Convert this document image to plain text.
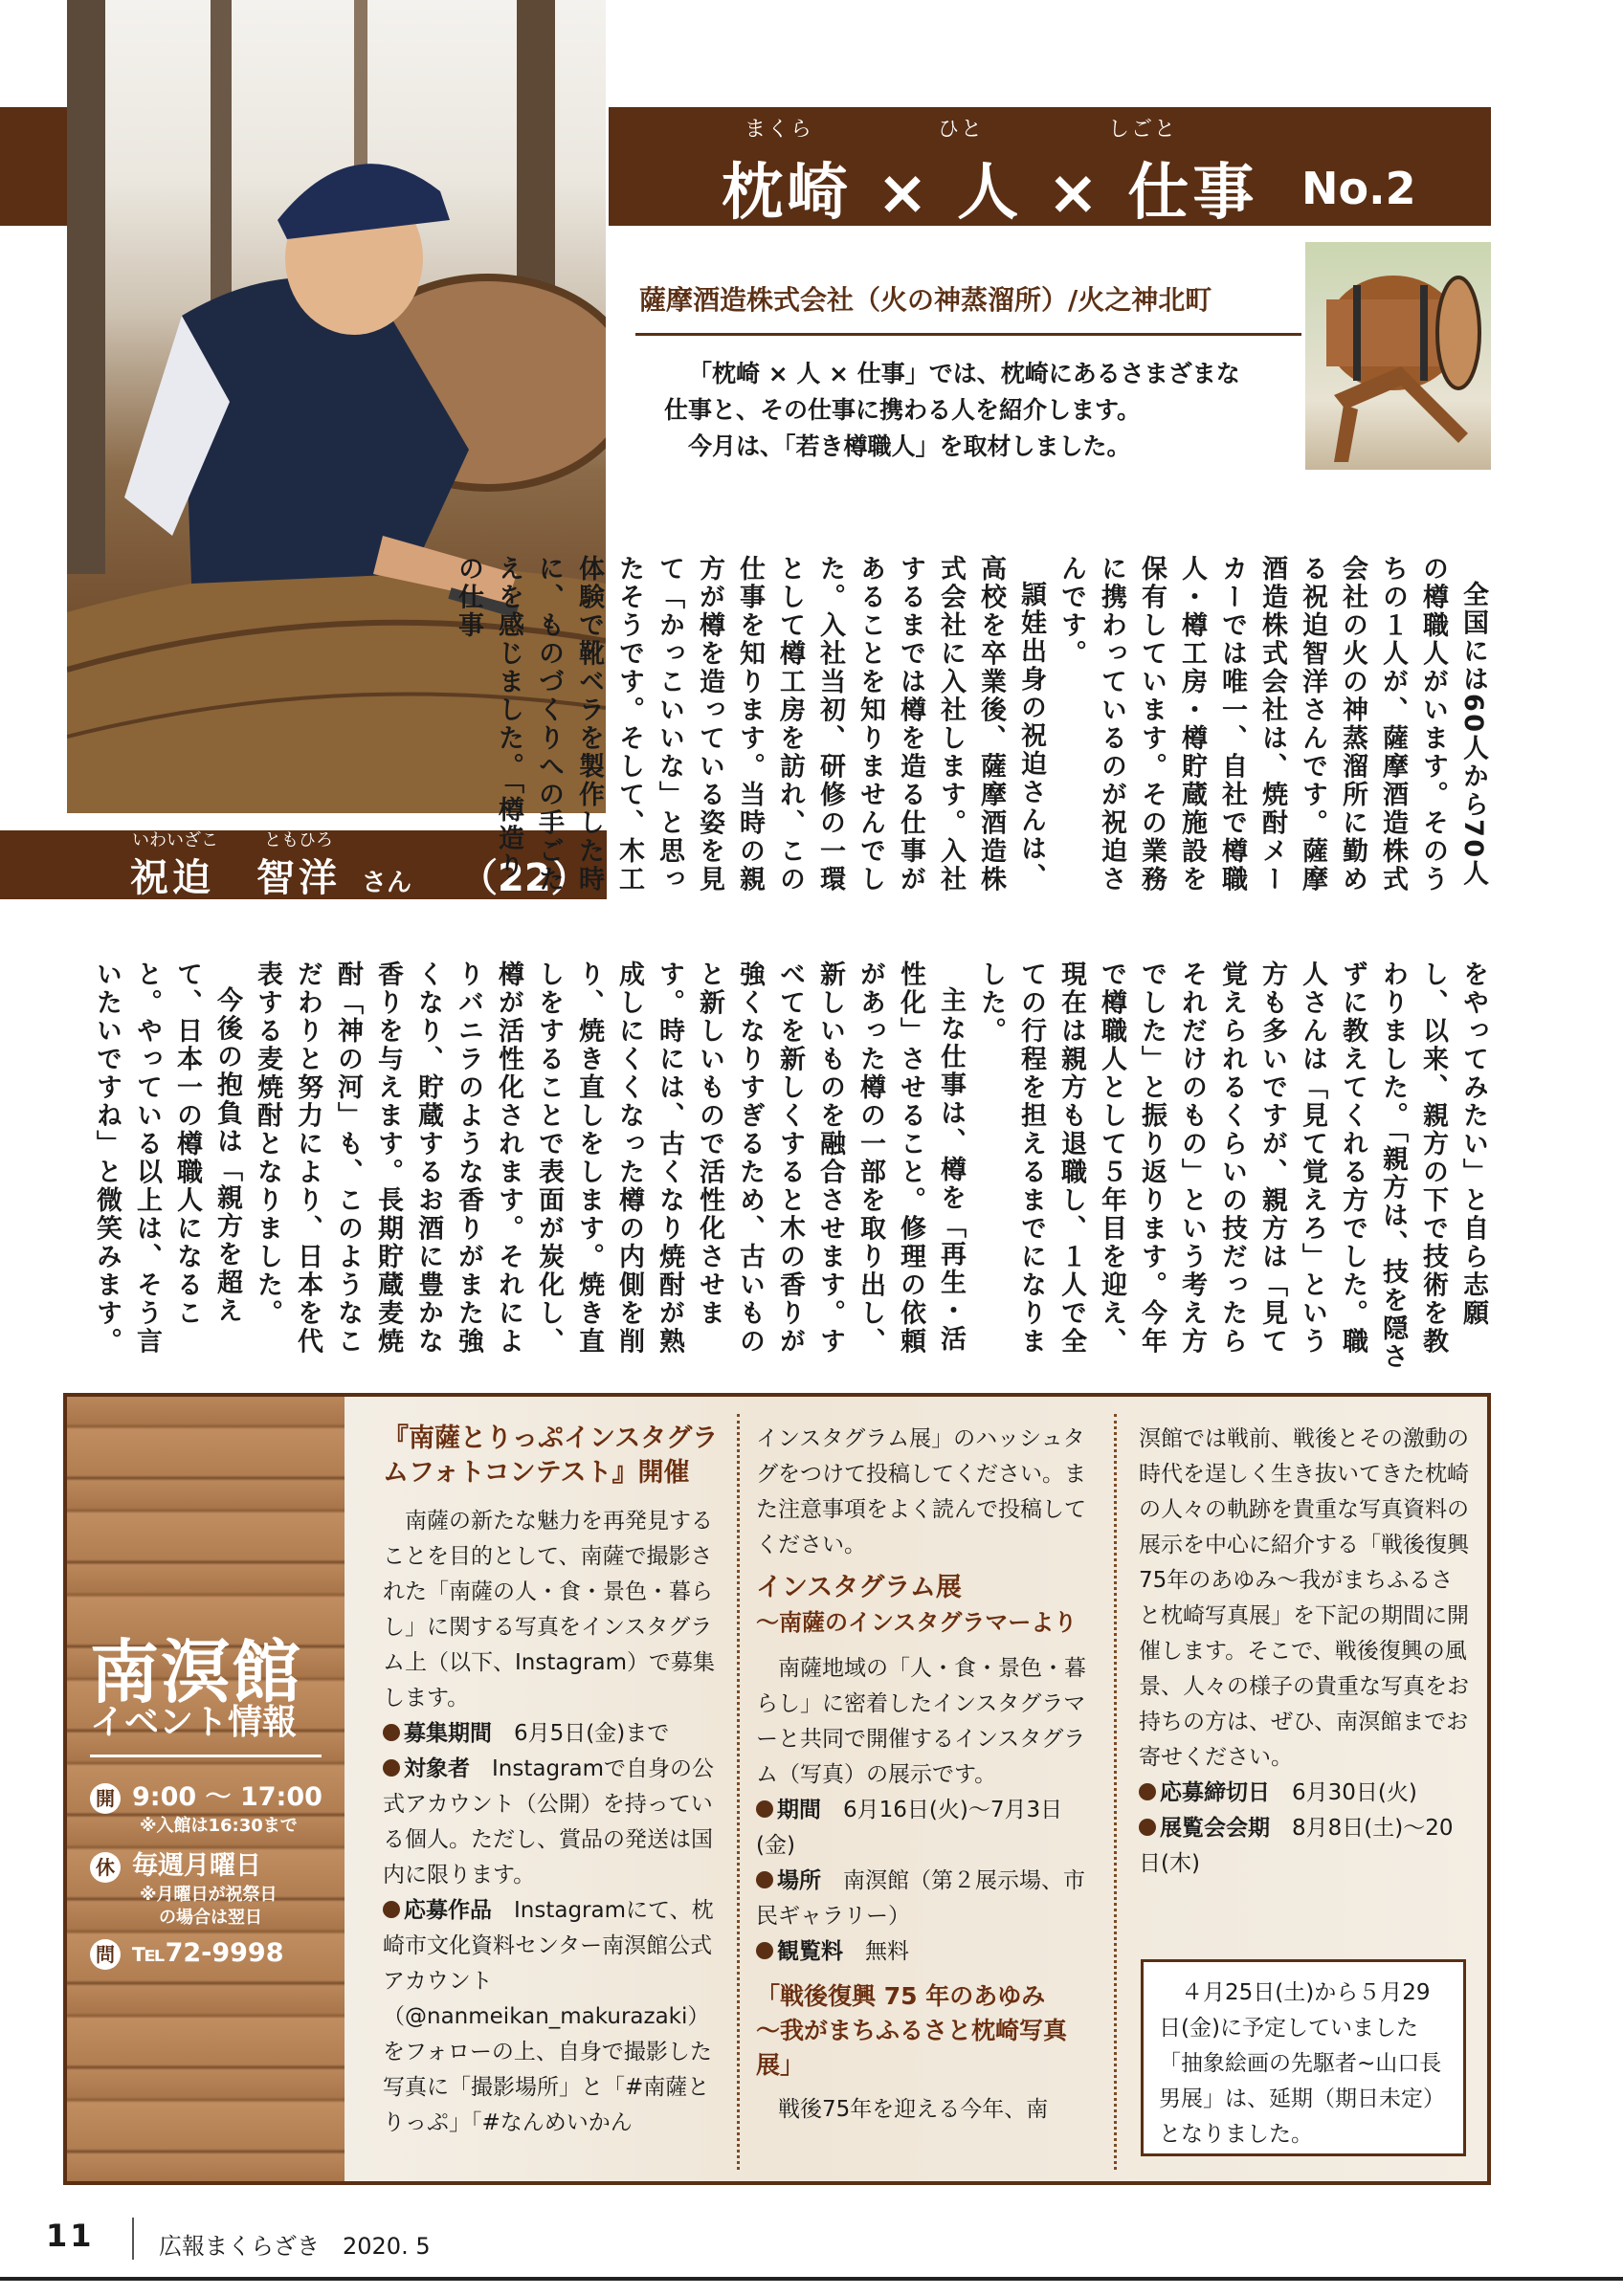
まくら	ひと	しごと
枕崎 × 人 × 仕事 No.2
薩摩酒造株式会社（火の神蒸溜所）/火之神北町

「枕崎 × 人 × 仕事」では、枕崎にあるさまざまな

仕事と、その仕事に携わる人を紹介します。

今月は、「若き樽職人」を取材しました。

いわいざこ	ともひろ
祝迫　智洋 さん （22）	全国には60人から70人の樽職人がいます。そのうちの１人が、薩摩酒造株式会社の火の神蒸溜所に勤める祝迫智洋さんです。薩摩酒造株式会社は、焼酎メーカーでは唯一、自社で樽職人・樽工房・樽貯蔵施設を保有しています。その業務に携わっているのが祝迫さんです。

頴娃出身の祝迫さんは、高校を卒業後、薩摩酒造株式会社に入社します。入社するまでは樽を造る仕事があることを知りませんでした。入社当初、研修の一環として樽工房を訪れ、この仕事を知ります。当時の親方が樽を造っている姿を見て「かっこいいな」と思ったそうです。そして、木工体験で靴ベラを製作した時に、ものづくりへの手ごたえを感じました。「樽造りの仕事

をやってみたい」と自ら志願し、以来、親方の下で技術を教わりました。「親方は、技を隠さずに教えてくれる方でした。職人さんは「見て覚えろ」という方も多いですが、親方は「見て覚えられるくらいの技だったらそれだけのもの」という考え方でした」と振り返ります。今年で樽職人として５年目を迎え、現在は親方も退職し、１人で全ての行程を担えるまでになりました。

主な仕事は、樽を「再生・活性化」させること。修理の依頼があった樽の一部を取り出し、新しいものを融合させます。すべてを新しくすると木の香りが強くなりすぎるため、古いものと新しいもので活性化させます。時には、古くなり焼酎が熟成しにくくなった樽の内側を削り、焼き直しをします。焼き直しをすることで表面が炭化し、樽が活性化されます。それによりバニラのような香りがまた強くなり、貯蔵するお酒に豊かな香りを与えます。長期貯蔵麦焼酎「神の河」も、このようなこだわりと努力により、日本を代表する麦焼酎となりました。

今後の抱負は「親方を超えて、日本一の樽職人になること。やっている以上は、そう言いたいですね」と微笑みます。

南溟館
イベント情報
開 9:00 ～ 17:00
※入館は16:30まで
休 毎週月曜日
※月曜日が祝祭日
の場合は翌日
問 ℡72-9998
『南薩とりっぷインスタグラ
ムフォトコンテスト』開催

南薩の新たな魅力を再発見することを目的として、南薩で撮影された「南薩の人・食・景色・暮らし」に関する写真をインスタグラム上（以下、Instagram）で募集します。

募集期間　 6月5日(金)まで

対象者　 Instagramで自身の公式アカウント（公開）を持っている個人。ただし、賞品の発送は国内に限ります。

応募作品　 Instagramにて、枕崎市文化資料センター南溟館公式アカウント（@nanmeikan_makurazaki）をフォローの上、自身で撮影した写真に「撮影場所」と「#南薩とりっぷ」「#なんめいかん

インスタグラム展」のハッシュタグをつけて投稿してください。また注意事項をよく読んで投稿してください。

インスタグラム展
～南薩のインスタグラマーより

南薩地域の「人・食・景色・暮らし」に密着したインスタグラマーと共同で開催するインスタグラム（写真）の展示です。

期間　 6月16日(火)～7月3日(金)

場所　 南溟館（第２展示場、市民ギャラリー）

観覧料　 無料

「戦後復興 75 年のあゆみ
～我がまちふるさと枕崎写真展」

戦後75年を迎える今年、南

溟館では戦前、戦後とその激動の時代を逞しく生き抜いてきた枕崎の人々の軌跡を貴重な写真資料の展示を中心に紹介する「戦後復興75年のあゆみ～我がまちふるさと枕崎写真展」を下記の期間に開催します。そこで、戦後復興の風景、人々の様子の貴重な写真をお持ちの方は、ぜひ、南溟館までお寄せください。

応募締切日　 6月30日(火)

展覧会会期　 8月8日(土)～20日(木)

４月25日(土)から５月29日(金)に予定していました「抽象絵画の先駆者~山口長男展」は、延期（期日未定）となりました。

11	広報まくらざき　2020. 5
